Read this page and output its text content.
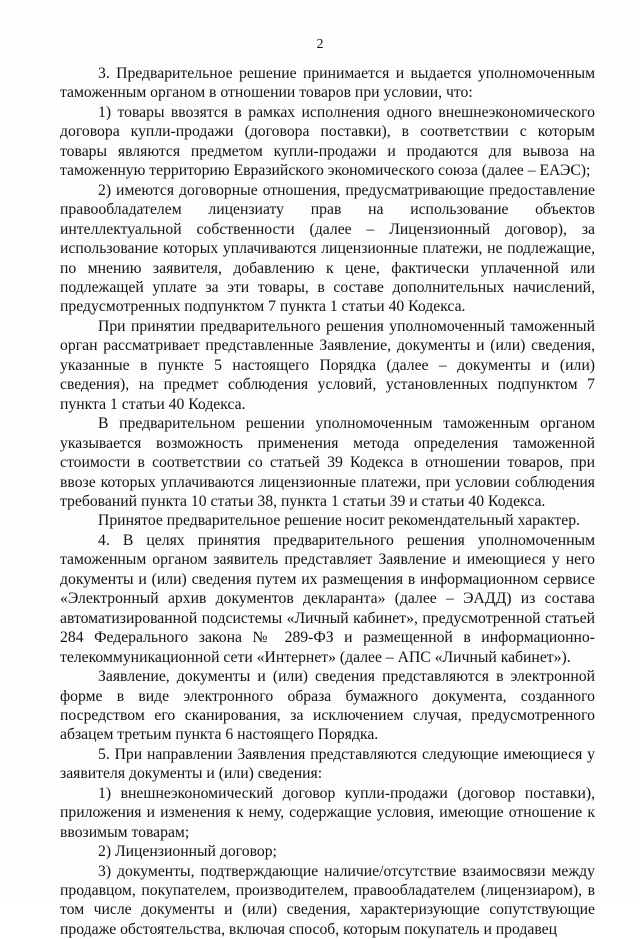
2

3. Предварительное решение принимается и выдается уполномоченным таможенным органом в отношении товаров при условии, что:

1) товары ввозятся в рамках исполнения одного внешнеэкономического договора купли-продажи (договора поставки), в соответствии с которым товары являются предметом купли-продажи и продаются для вывоза на таможенную территорию Евразийского экономического союза (далее – ЕАЭС);

2) имеются договорные отношения, предусматривающие предоставление правообладателем лицензиату прав на использование объектов интеллектуальной собственности (далее – Лицензионный договор), за использование которых уплачиваются лицензионные платежи, не подлежащие, по мнению заявителя, добавлению к цене, фактически уплаченной или подлежащей уплате за эти товары, в составе дополнительных начислений, предусмотренных подпунктом 7 пункта 1 статьи 40 Кодекса.

При принятии предварительного решения уполномоченный таможенный орган рассматривает представленные Заявление, документы и (или) сведения, указанные в пункте 5 настоящего Порядка (далее – документы и (или) сведения), на предмет соблюдения условий, установленных подпунктом 7 пункта 1 статьи 40 Кодекса.

В предварительном решении уполномоченным таможенным органом указывается возможность применения метода определения таможенной стоимости в соответствии со статьей 39 Кодекса в отношении товаров, при ввозе которых уплачиваются лицензионные платежи, при условии соблюдения требований пункта 10 статьи 38, пункта 1 статьи 39 и статьи 40 Кодекса.

Принятое предварительное решение носит рекомендательный характер.

4. В целях принятия предварительного решения уполномоченным таможенным органом заявитель представляет Заявление и имеющиеся у него документы и (или) сведения путем их размещения в информационном сервисе «Электронный архив документов декларанта» (далее – ЭАДД) из состава автоматизированной подсистемы «Личный кабинет», предусмотренной статьей 284 Федерального закона № 289-ФЗ и размещенной в информационно-телекоммуникационной сети «Интернет» (далее – АПС «Личный кабинет»).

Заявление, документы и (или) сведения представляются в электронной форме в виде электронного образа бумажного документа, созданного посредством его сканирования, за исключением случая, предусмотренного абзацем третьим пункта 6 настоящего Порядка.

5. При направлении Заявления представляются следующие имеющиеся у заявителя документы и (или) сведения:

1) внешнеэкономический договор купли-продажи (договор поставки), приложения и изменения к нему, содержащие условия, имеющие отношение к ввозимым товарам;

2) Лицензионный договор;

3) документы, подтверждающие наличие/отсутствие взаимосвязи между продавцом, покупателем, производителем, правообладателем (лицензиаром), в том числе документы и (или) сведения, характеризующие сопутствующие продаже обстоятельства, включая способ, которым покупатель и продавец
